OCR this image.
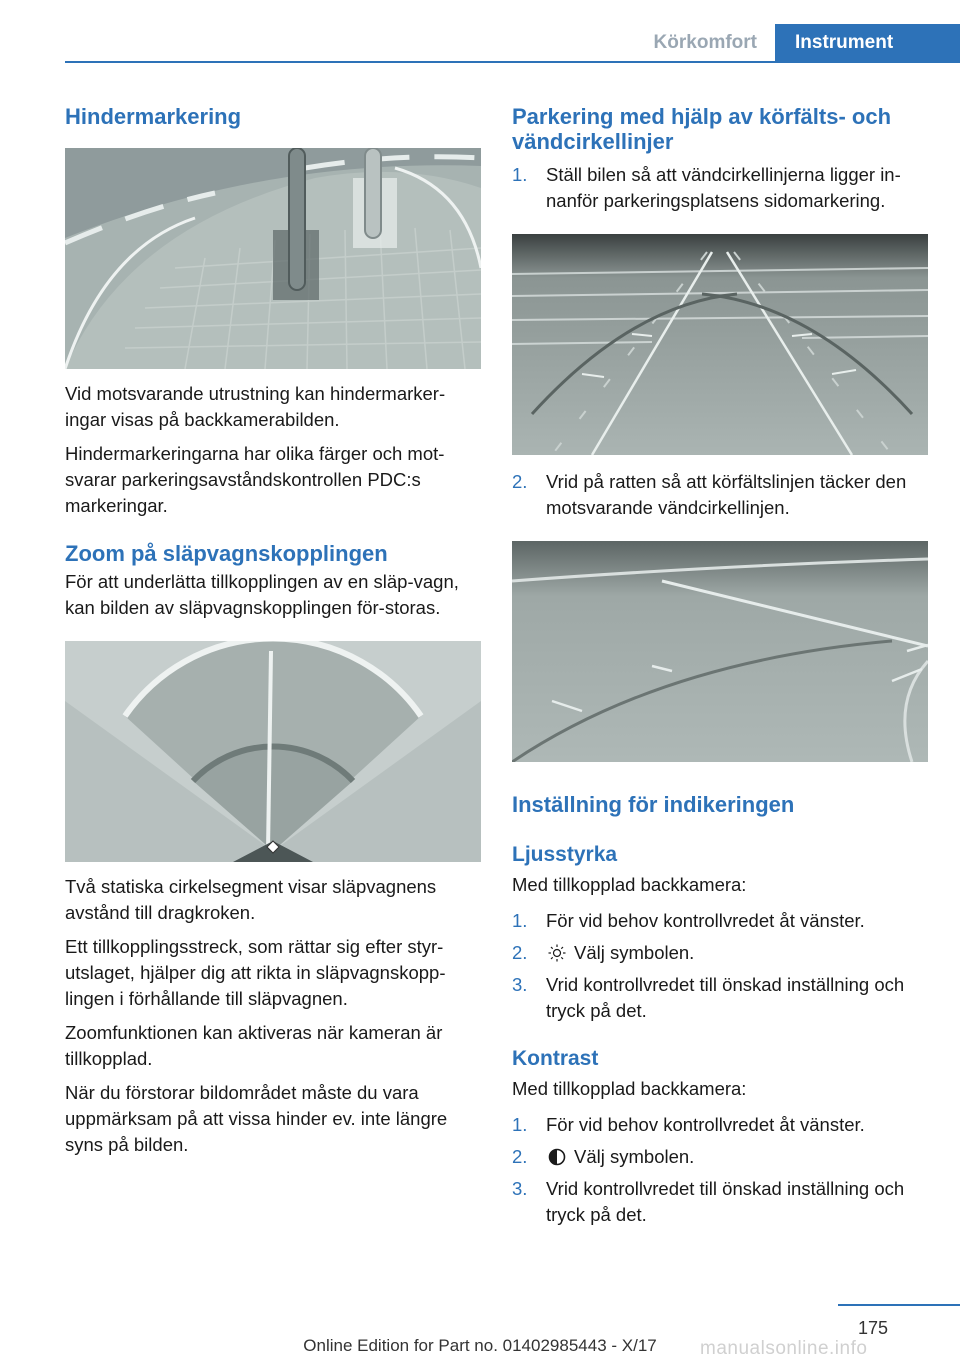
Körkomfort	Instrument
Hindermarkering

Vid motsvarande utrustning kan hindermarker-ingar visas på backkamerabilden.

Hindermarkeringarna har olika färger och mot-svarar parkeringsavståndskontrollen PDC:s markeringar.

Zoom på släpvagnskopplingen

För att underlätta tillkopplingen av en släp-vagn, kan bilden av släpvagnskopplingen för-storas.

Två statiska cirkelsegment visar släpvagnens avstånd till dragkroken.

Ett tillkopplingsstreck, som rättar sig efter styr-utslaget, hjälper dig att rikta in släpvagnskopp-lingen i förhållande till släpvagnen.

Zoomfunktionen kan aktiveras när kameran är tillkopplad.

När du förstorar bildområdet måste du vara uppmärksam på att vissa hinder ev. inte längre syns på bilden.

Parkering med hjälp av körfälts- och vändcirkellinjer
1. Ställ bilen så att vändcirkellinjerna ligger in-nanför parkeringsplatsens sidomarkering.
2. Vrid på ratten så att körfältslinjen täcker den motsvarande vändcirkellinjen.
Inställning för indikeringen
Ljusstyrka

Med tillkopplad backkamera:

1. För vid behov kontrollvredet åt vänster.
2.	Välj symbolen.
3. Vrid kontrollvredet till önskad inställning och tryck på det.
Kontrast

Med tillkopplad backkamera:

1. För vid behov kontrollvredet åt vänster.
2.	Välj symbolen.
3. Vrid kontrollvredet till önskad inställning och tryck på det.
175
manualsonline.info
Online Edition for Part no. 01402985443 - X/17
